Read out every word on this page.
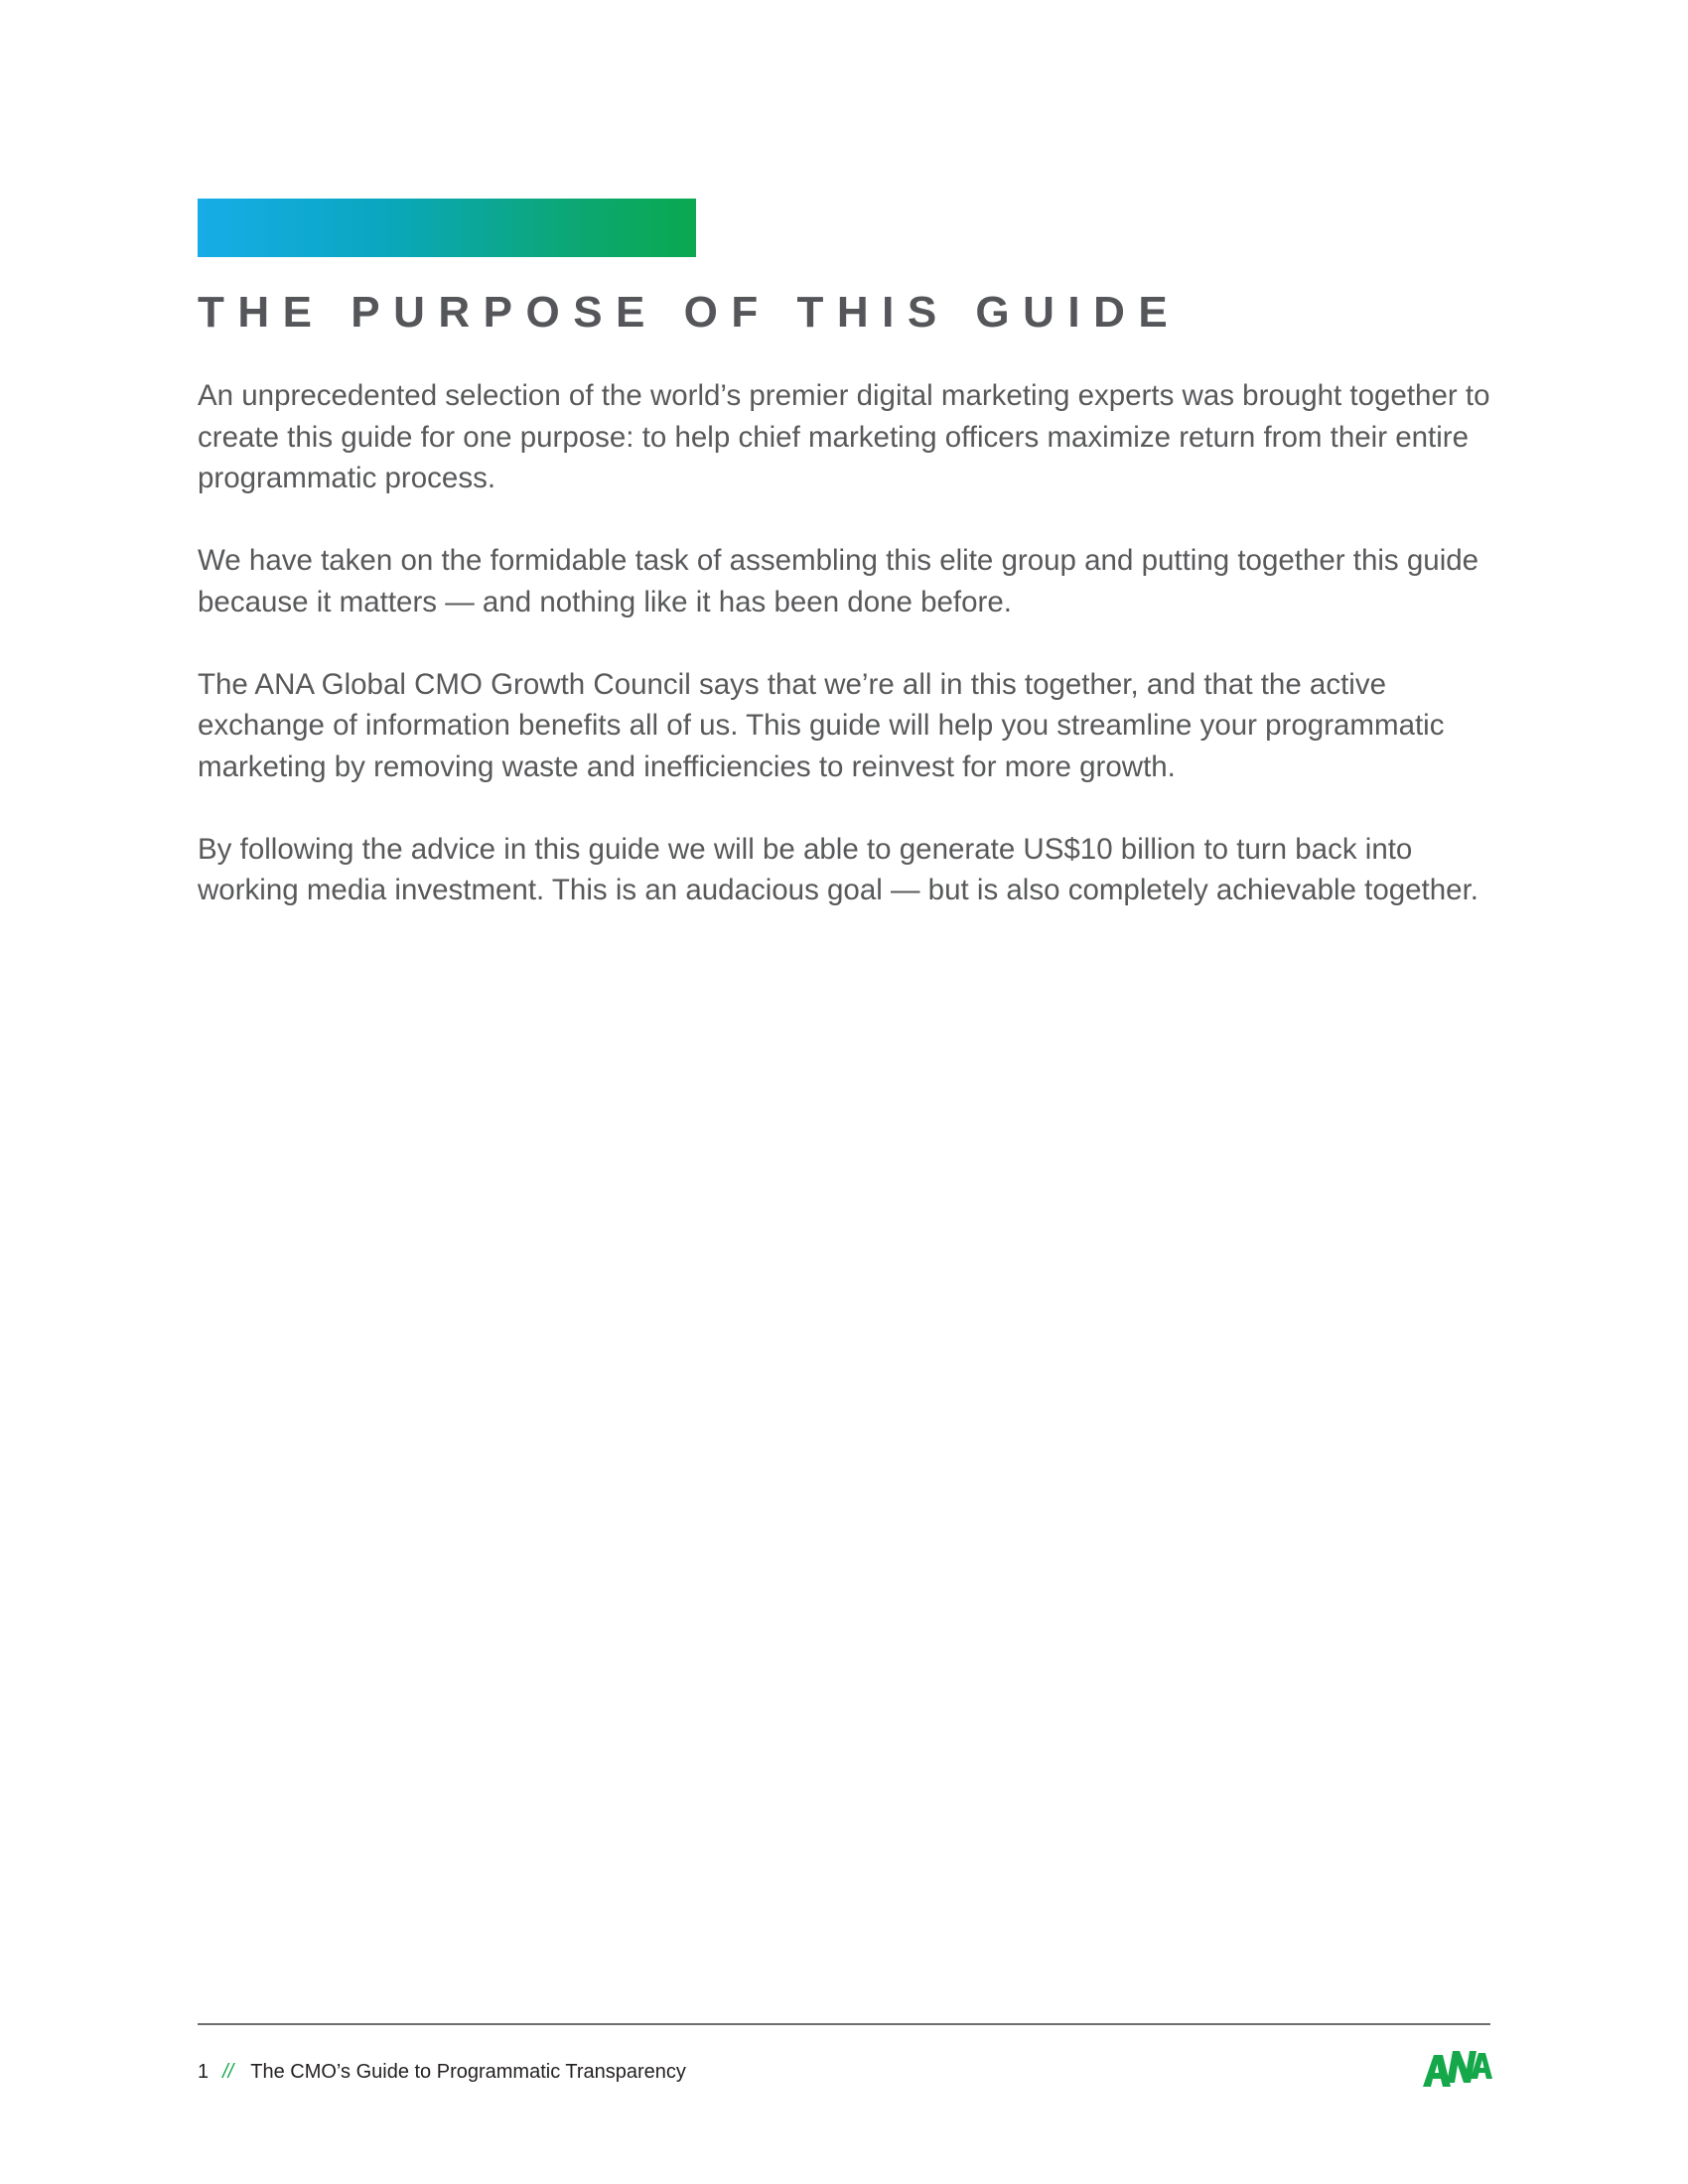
THE PURPOSE OF THIS GUIDE

An unprecedented selection of the world’s premier digital marketing experts was brought together to create this guide for one purpose: to help chief marketing officers maximize return from their entire programmatic process.

We have taken on the formidable task of assembling this elite group and putting together this guide because it matters — and nothing like it has been done before.

The ANA Global CMO Growth Council says that we’re all in this together, and that the active exchange of information benefits all of us. This guide will help you streamline your programmatic marketing by removing waste and inefficiencies to reinvest for more growth.

By following the advice in this guide we will be able to generate US$10 billion to turn back into working media investment. This is an audacious goal — but is also completely achievable together.

1 // The CMO’s Guide to Programmatic Transparency
